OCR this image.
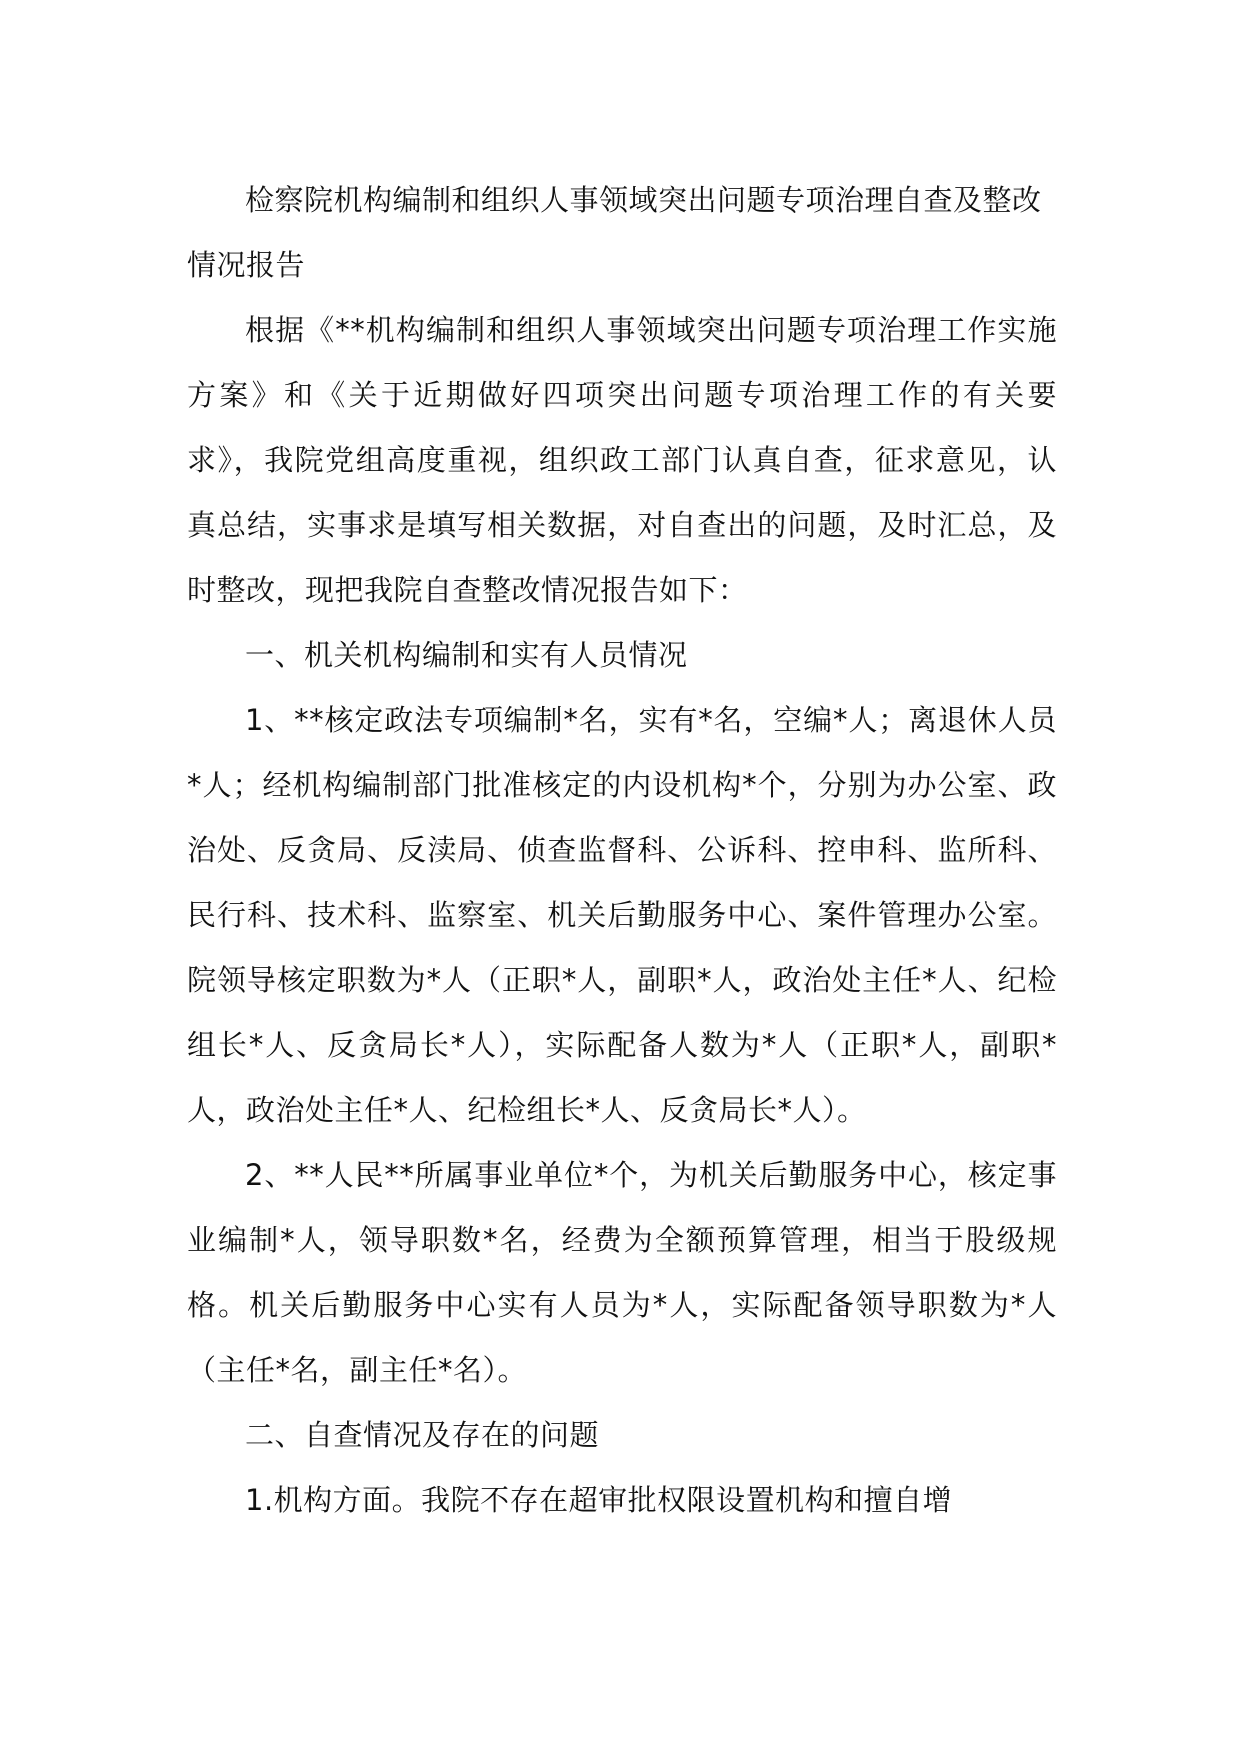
检察院机构编制和组织人事领域突出问题专项治理自查及整改情况报告

根据《**机构编制和组织人事领域突出问题专项治理工作实施方案》和《关于近期做好四项突出问题专项治理工作的有关要求》，我院党组高度重视，组织政工部门认真自查，征求意见，认真总结，实事求是填写相关数据，对自查出的问题，及时汇总，及时整改，现把我院自查整改情况报告如下：

一、机关机构编制和实有人员情况

1、**核定政法专项编制*名，实有*名，空编*人；离退休人员*人；经机构编制部门批准核定的内设机构*个，分别为办公室、政治处、反贪局、反渎局、侦查监督科、公诉科、控申科、监所科、民行科、技术科、监察室、机关后勤服务中心、案件管理办公室。院领导核定职数为*人（正职*人，副职*人，政治处主任*人、纪检组长*人、反贪局长*人），实际配备人数为*人（正职*人，副职*人，政治处主任*人、纪检组长*人、反贪局长*人）。

2、**人民**所属事业单位*个，为机关后勤服务中心，核定事业编制*人，领导职数*名，经费为全额预算管理，相当于股级规格。机关后勤服务中心实有人员为*人，实际配备领导职数为*人（主任*名，副主任*名）。

二、自查情况及存在的问题

1.机构方面。我院不存在超审批权限设置机构和擅自增
